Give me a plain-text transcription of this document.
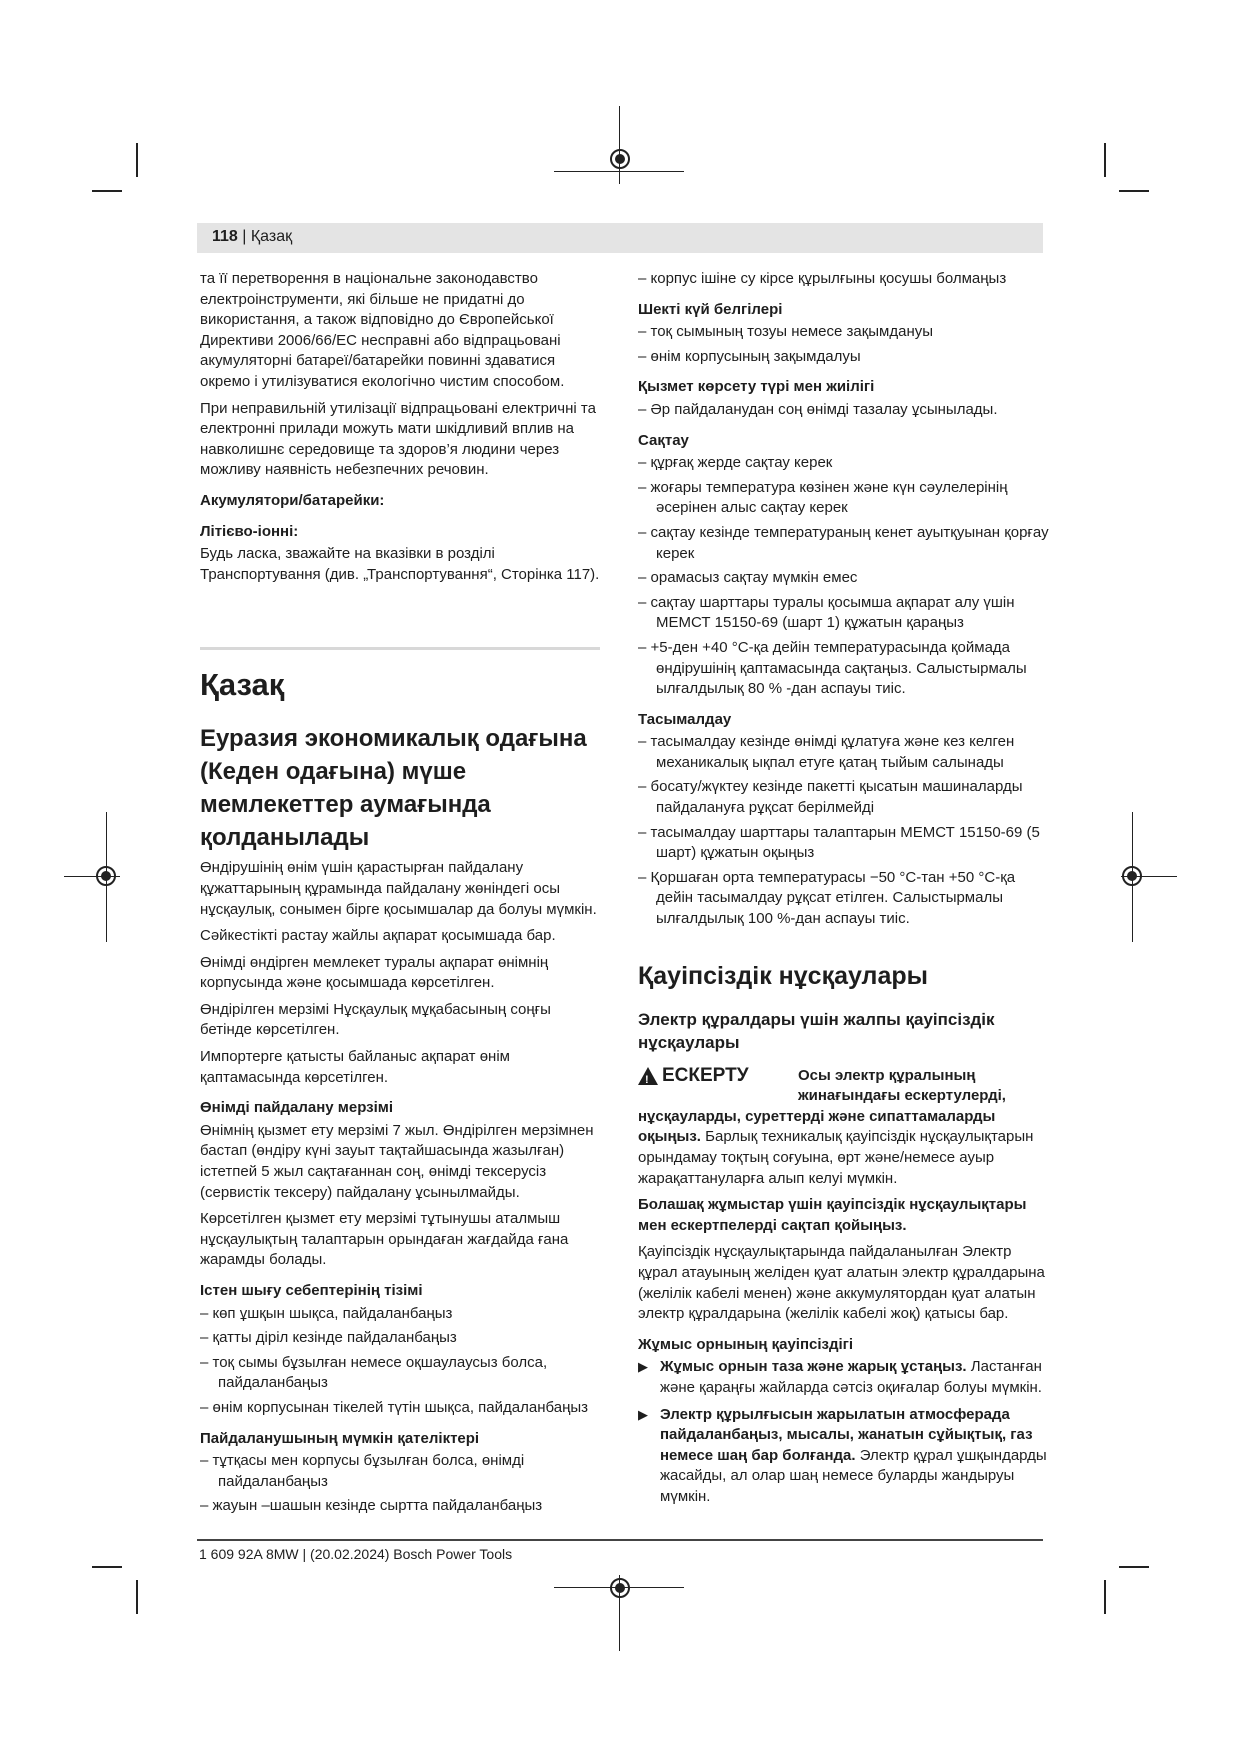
118 | Қазақ

та її перетворення в національне законодавство електроінструменти, які більше не придатні до використання, а також відповідно до Європейської Директиви 2006/66/ЕС несправні або відпрацьовані акумуляторні батареї/батарейки повинні здаватися окремо і утилізуватися екологічно чистим способом.

При неправильній утилізації відпрацьовані електричні та електронні прилади можуть мати шкідливий вплив на навколишнє середовище та здоров’я людини через можливу наявність небезпечних речовин.

Акумулятори/батарейки:

Літієво-іонні:

Будь ласка, зважайте на вказівки в розділі Транспортування (див. „Транспортування“, Сторінка 117).

Қазақ
Еуразия экономикалық одағына (Кеден одағына) мүше мемлекеттер аумағында қолданылады

Өндірушінің өнім үшін қарастырған пайдалану құжаттарының құрамында пайдалану жөніндегі осы нұсқаулық, сонымен бірге қосымшалар да болуы мүмкін.

Сәйкестікті растау жайлы ақпарат қосымшада бар.

Өнімді өндірген мемлекет туралы ақпарат өнімнің корпусында және қосымшада көрсетілген.

Өндірілген мерзімі Нұсқаулық мұқабасының соңғы бетінде көрсетілген.

Импортерге қатысты байланыс ақпарат өнім қаптамасында көрсетілген.

Өнімді пайдалану мерзімі

Өнімнің қызмет ету мерзімі 7 жыл. Өндірілген мерзімнен бастап (өндіру күні зауыт тақтайшасында жазылған) істетпей 5 жыл сақтағаннан соң, өнімді тексерусіз (сервистік тексеру) пайдалану ұсынылмайды.

Көрсетілген қызмет ету мерзімі тұтынушы аталмыш нұсқаулықтың талаптарын орындаған жағдайда ғана жарамды болады.

Істен шығу себептерінің тізімі

– көп ұшқын шықса, пайдаланбаңыз

– қатты діріл кезінде пайдаланбаңыз

– тоқ сымы бұзылған немесе оқшаулаусыз болса, пайдаланбаңыз

– өнім корпусынан тікелей түтін шықса, пайдаланбаңыз

Пайдаланушының мүмкін қателіктері

– тұтқасы мен корпусы бұзылған болса, өнімді пайдаланбаңыз

– жауын –шашын кезінде сыртта пайдаланбаңыз

– корпус ішіне су кірсе құрылғыны қосушы болмаңыз

Шекті күй белгілері

– тоқ сымының тозуы немесе зақымдануы

– өнім корпусының зақымдалуы

Қызмет көрсету түрі мен жиілігі

– Әр пайдаланудан соң өнімді тазалау ұсынылады.

Сақтау

– құрғақ жерде сақтау керек

– жоғары температура көзінен және күн сәулелерінің әсерінен алыс сақтау керек

– сақтау кезінде температураның кенет ауытқуынан қорғау керек

– орамасыз сақтау мүмкін емес

– сақтау шарттары туралы қосымша ақпарат алу үшін МЕМСТ 15150-69 (шарт 1) құжатын қараңыз

– +5-ден +40 °C-қа дейін температурасында қоймада өндірушінің қаптамасында сақтаңыз. Салыстырмалы ылғалдылық 80 % -дан аспауы тиіс.

Тасымалдау

– тасымалдау кезінде өнімді құлатуға және кез келген механикалық ықпал етуге қатаң тыйым салынады

– босату/жүктеу кезінде пакетті қысатын машиналарды пайдалануға рұқсат берілмейді

– тасымалдау шарттары талаптарын МЕМСТ 15150-69 (5 шарт) құжатын оқыңыз

– Қоршаған орта температурасы −50 °C-тан +50 °C-қа дейін тасымалдау рұқсат етілген. Салыстырмалы ылғалдылық 100 %-дан аспауы тиіс.

Қауіпсіздік нұсқаулары
Электр құралдары үшін жалпы қауіпсіздік нұсқаулары
! ЕСКЕРТУ	Осы электр құралының жинағындағы ескертулерді,

нұсқауларды, суреттерді және сипаттамаларды оқыңыз. Барлық техникалық қауіпсіздік нұсқаулықтарын орындамау тоқтың соғуына, өрт және/немесе ауыр жарақаттануларға алып келуі мүмкін.

Болашақ жұмыстар үшін қауіпсіздік нұсқаулықтары мен ескертпелерді сақтап қойыңыз.

Қауіпсіздік нұсқаулықтарында пайдаланылған Электр құрал атауының желіден қуат алатын электр құралдарына (желілік кабелі менен) және аккумулятордан қуат алатын электр құралдарына (желілік кабелі жоқ) қатысы бар.

Жұмыс орнының қауіпсіздігі

▶ Жұмыс орнын таза және жарық ұстаңыз. Ластанған және қараңғы жайларда сәтсіз оқиғалар болуы мүмкін.
▶ Электр құрылғысын жарылатын атмосферада пайдаланбаңыз, мысалы, жанатын сұйықтық, газ немесе шаң бар болғанда. Электр құрал ұшқындарды жасайды, ал олар шаң немесе буларды жандыруы мүмкін.
1 609 92A 8MW | (20.02.2024) Bosch Power Tools
